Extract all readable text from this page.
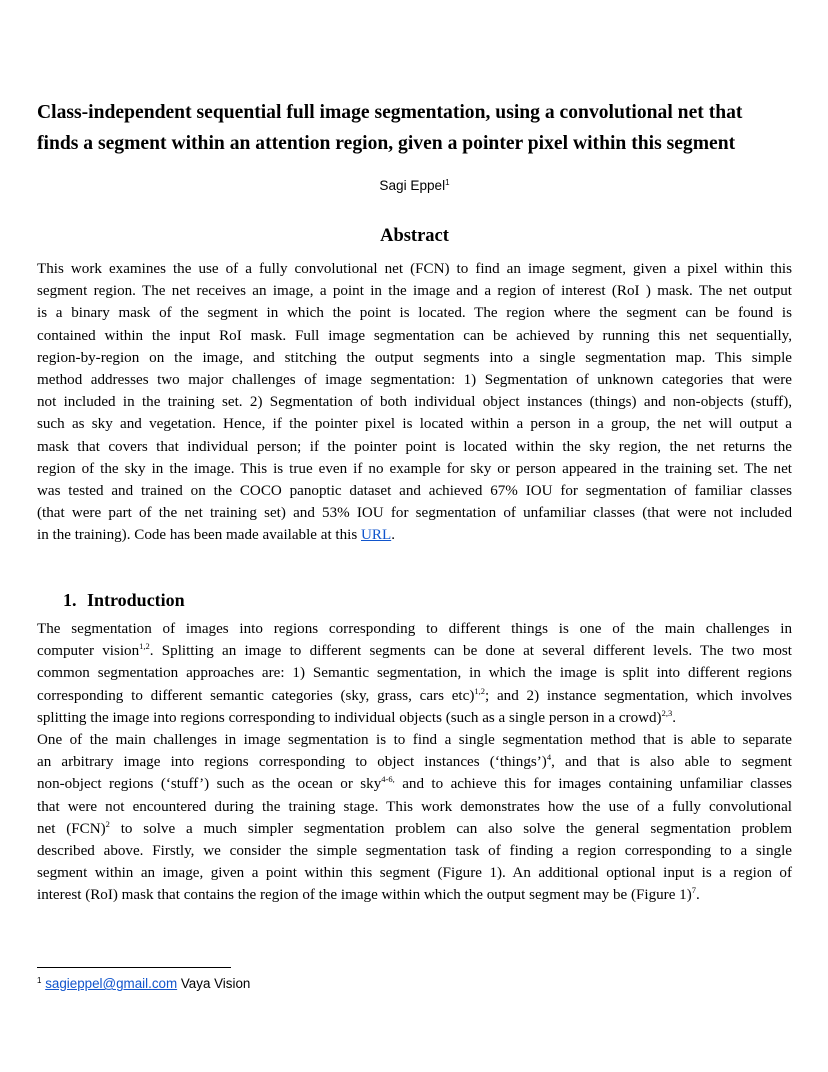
Class-independent sequential full image segmentation, using a convolutional net that
finds a segment within an attention region, given a pointer pixel within this segment
Sagi Eppel$^1$
Abstract
This work examines the use of a fully convolutional net (FCN) to find an image segment, given a pixel within this
segment region. The net receives an image, a point in the image and a region of interest (RoI ) mask. The net output
is a binary mask of the segment in which the point is located. The region where the segment can be found is
contained within the input RoI mask. Full image segmentation can be achieved by running this net sequentially,
region-by-region on the image, and stitching the output segments into a single segmentation map. This simple
method addresses two major challenges of image segmentation: 1) Segmentation of unknown categories that were
not included in the training set. 2) Segmentation of both individual object instances (things) and non-objects (stuff),
such as sky and vegetation. Hence, if the pointer pixel is located within a person in a group, the net will output a
mask that covers that individual person; if the pointer point is located within the sky region, the net returns the
region of the sky in the image. This is true even if no example for sky or person appeared in the training set. The net
was tested and trained on the COCO panoptic dataset and achieved 67% IOU for segmentation of familiar classes
(that were part of the net training set) and 53% IOU for segmentation of unfamiliar classes (that were not included
in the training). Code has been made available at this URL.
1. Introduction
The segmentation of images into regions corresponding to different things is one of the main challenges in
computer vision$^{1,2}$. Splitting an image to different segments can be done at several different levels. The two most
common segmentation approaches are: 1) Semantic segmentation, in which the image is split into different regions
corresponding to different semantic categories (sky, grass, cars etc)$^{1,2}$; and 2) instance segmentation, which involves
splitting the image into regions corresponding to individual objects (such as a single person in a crowd)$^{2,3}$.
One of the main challenges in image segmentation is to find a single segmentation method that is able to separate
an arbitrary image into regions corresponding to object instances (‘things’)$^4$, and that is also able to segment
non-object regions (‘stuff’) such as the ocean or sky$^{4-6,}$ and to achieve this for images containing unfamiliar classes
that were not encountered during the training stage. This work demonstrates how the use of a fully convolutional
net (FCN)$^2$ to solve a much simpler segmentation problem can also solve the general segmentation problem
described above. Firstly, we consider the simple segmentation task of finding a region corresponding to a single
segment within an image, given a point within this segment (Figure 1). An additional optional input is a region of
interest (RoI) mask that contains the region of the image within which the output segment may be (Figure 1)$^7$.
$^1$ sagieppel@gmail.com Vaya Vision
